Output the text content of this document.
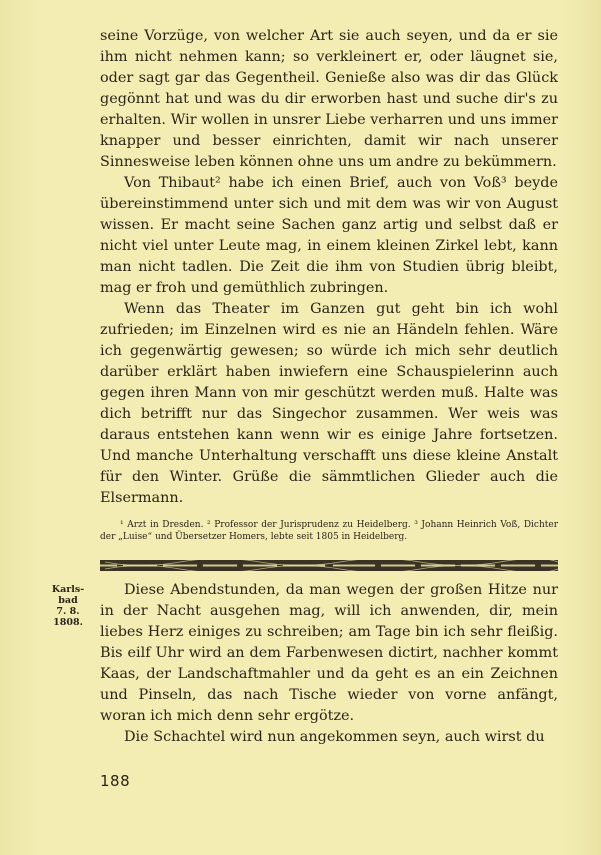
seine Vorzüge, von welcher Art sie auch seyen, und da er sie ihm nicht nehmen kann; so verkleinert er, oder läugnet sie, oder sagt gar das Gegentheil. Genieße also was dir das Glück gegönnt hat und was du dir erworben hast und suche dir's zu erhalten. Wir wollen in unsrer Liebe verharren und uns immer knapper und besser einrichten, damit wir nach unserer Sinnesweise leben können ohne uns um andre zu bekümmern.

Von Thibaut² habe ich einen Brief, auch von Voß³ beyde übereinstimmend unter sich und mit dem was wir von August wissen. Er macht seine Sachen ganz artig und selbst daß er nicht viel unter Leute mag, in einem kleinen Zirkel lebt, kann man nicht tadlen. Die Zeit die ihm von Studien übrig bleibt, mag er froh und gemüthlich zubringen.

Wenn das Theater im Ganzen gut geht bin ich wohl zufrieden; im Einzelnen wird es nie an Händeln fehlen. Wäre ich gegenwärtig gewesen; so würde ich mich sehr deutlich darüber erklärt haben inwiefern eine Schauspielerinn auch gegen ihren Mann von mir geschützt werden muß. Halte was dich betrifft nur das Singechor zusammen. Wer weis was daraus entstehen kann wenn wir es einige Jahre fortsetzen. Und manche Unterhaltung verschafft uns diese kleine Anstalt für den Winter. Grüße die sämmtlichen Glieder auch die Elsermann.

¹ Arzt in Dresden. ² Professor der Jurisprudenz zu Heidelberg. ³ Johann Heinrich Voß, Dichter der „Luise“ und Übersetzer Homers, lebte seit 1805 in Heidelberg.

Karls-
bad
7. 8.
1808.

Diese Abendstunden, da man wegen der großen Hitze nur in der Nacht ausgehen mag, will ich anwenden, dir, mein liebes Herz einiges zu schreiben; am Tage bin ich sehr fleißig. Bis eilf Uhr wird an dem Farbenwesen dictirt, nachher kommt Kaas, der Landschaftmahler und da geht es an ein Zeichnen und Pinseln, das nach Tische wieder von vorne anfängt, woran ich mich denn sehr ergötze.

Die Schachtel wird nun angekommen seyn, auch wirst du

188
